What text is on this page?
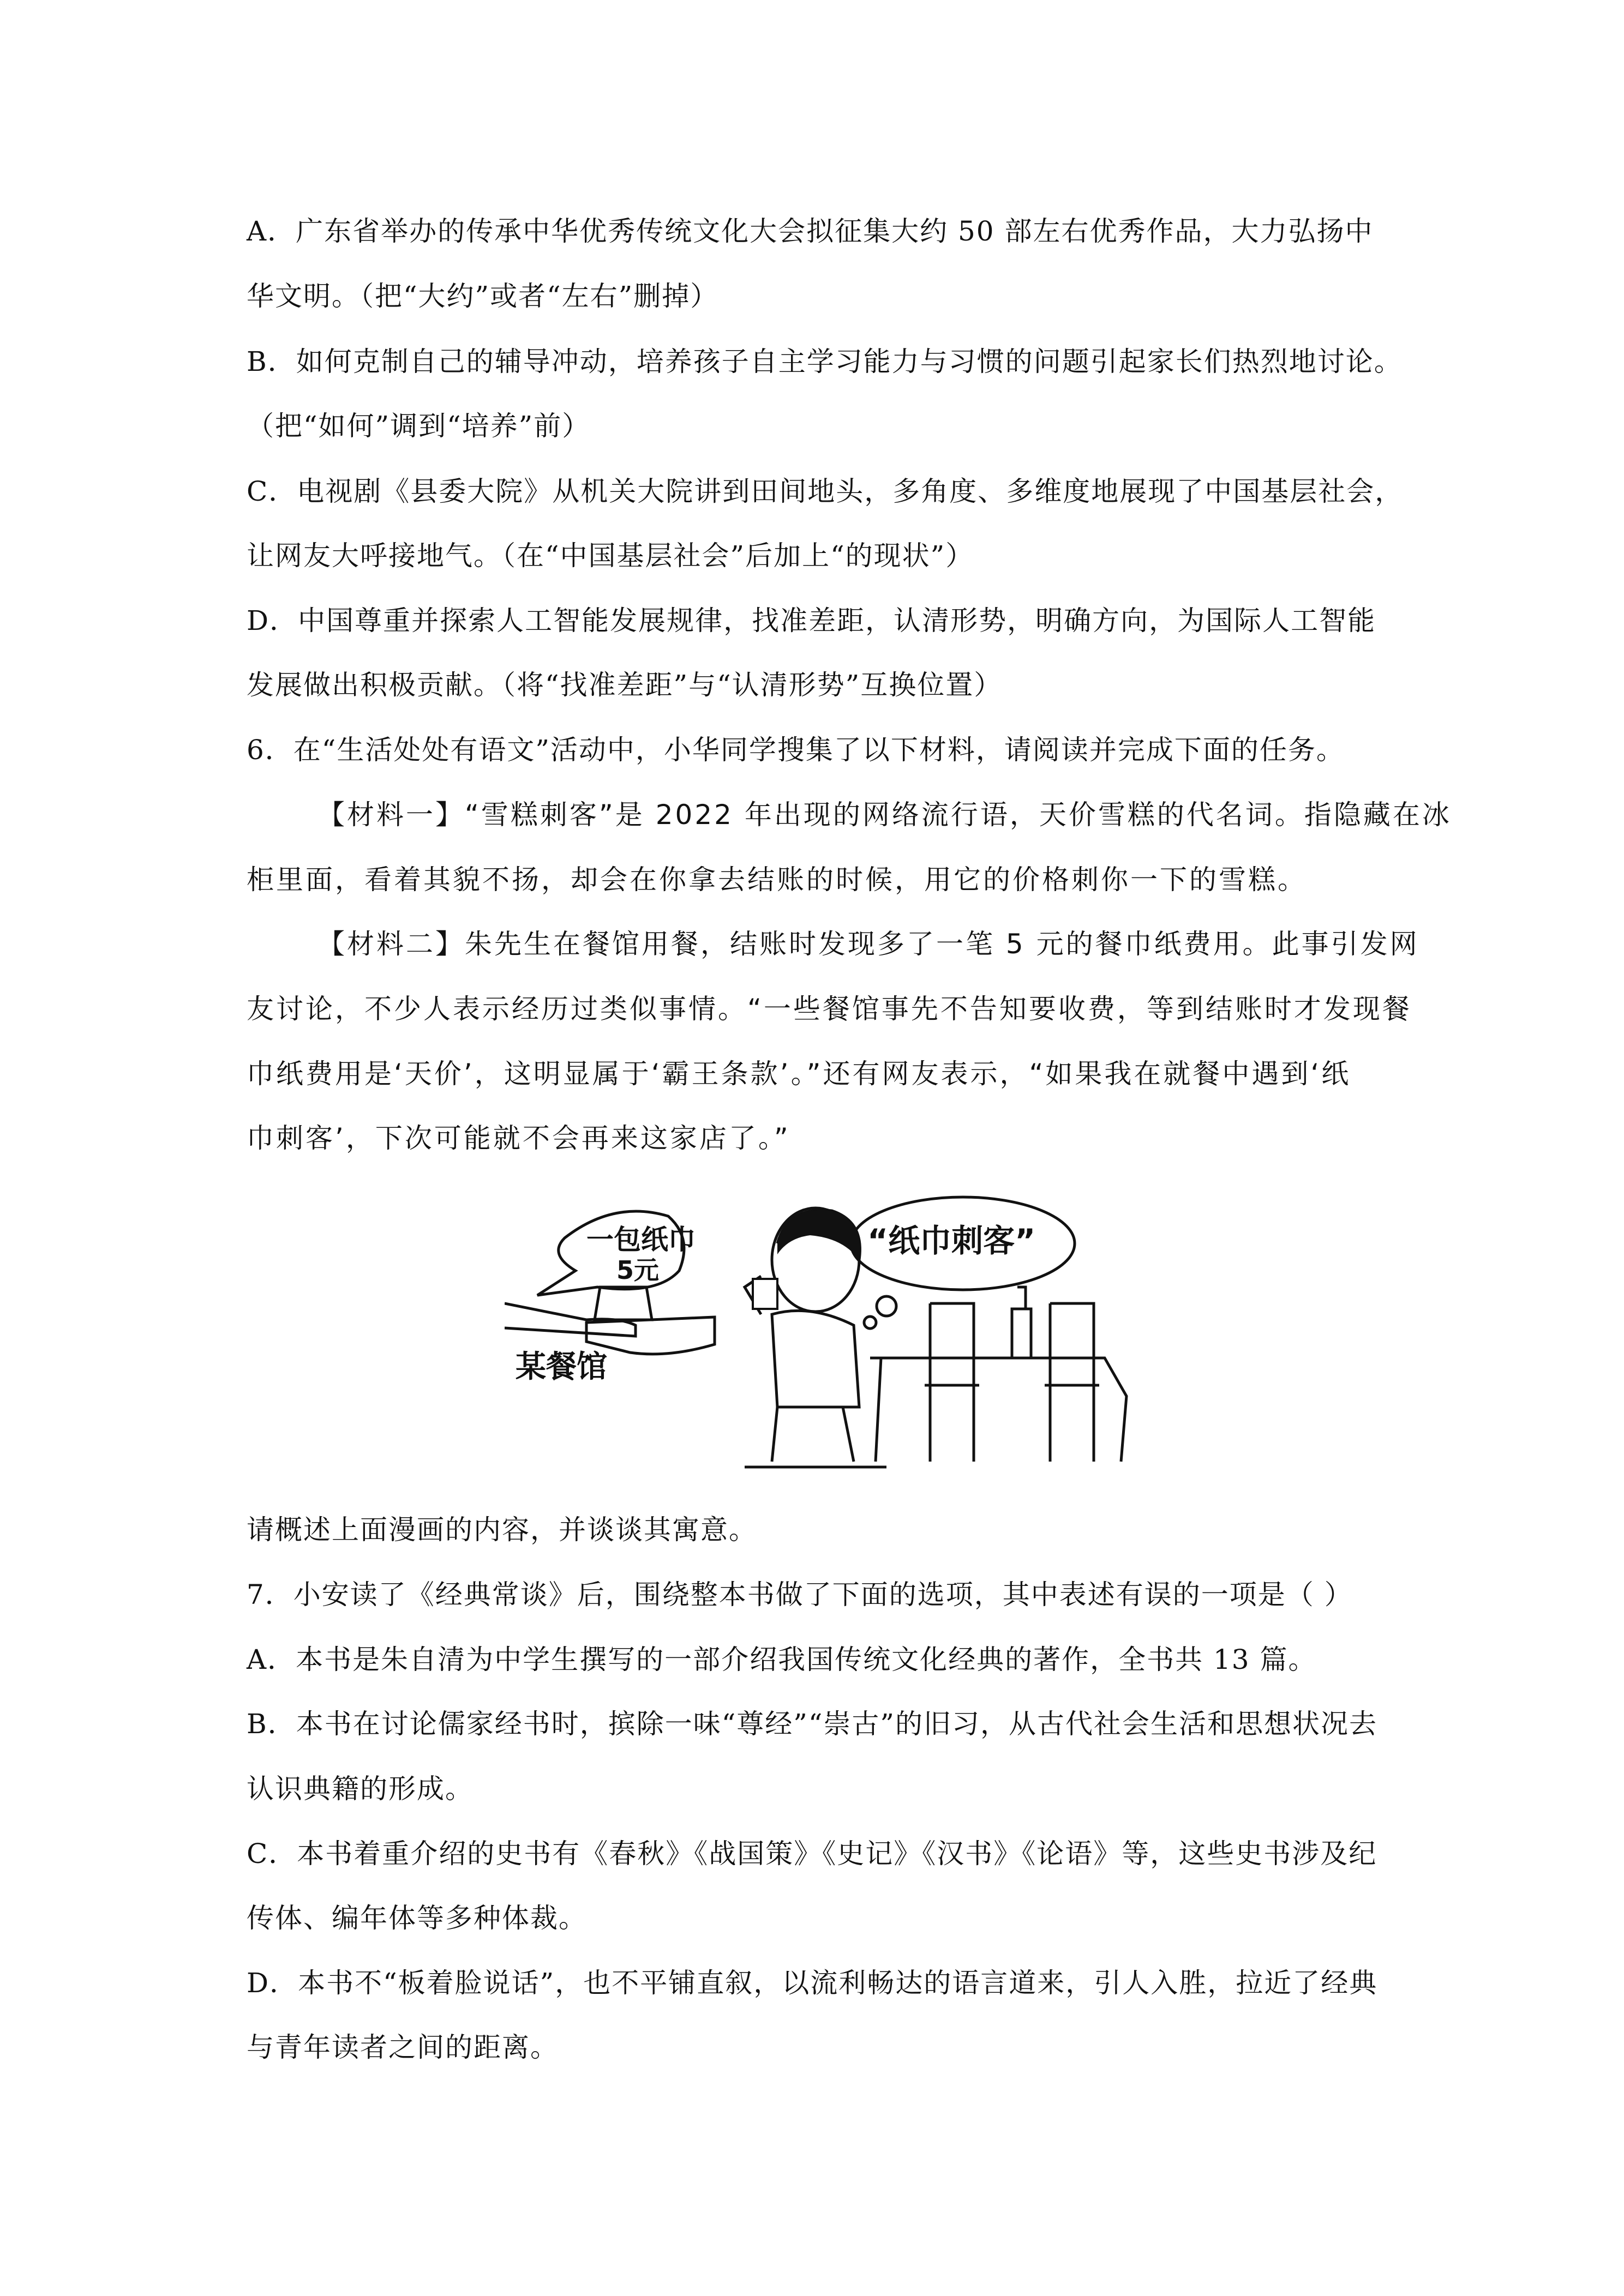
A．广东省举办的传承中华优秀传统文化大会拟征集大约 50 部左右优秀作品，大力弘扬中
华文明。（把“大约”或者“左右”删掉）
B．如何克制自己的辅导冲动，培养孩子自主学习能力与习惯的问题引起家长们热烈地讨论。
（把“如何”调到“培养”前）
C．电视剧《县委大院》从机关大院讲到田间地头，多角度、多维度地展现了中国基层社会，
让网友大呼接地气。（在“中国基层社会”后加上“的现状”）
D．中国尊重并探索人工智能发展规律，找准差距，认清形势，明确方向，为国际人工智能
发展做出积极贡献。（将“找准差距”与“认清形势”互换位置）
6．在“生活处处有语文”活动中，小华同学搜集了以下材料，请阅读并完成下面的任务。
【材料一】“雪糕刺客”是 2022 年出现的网络流行语，天价雪糕的代名词。指隐藏在冰
柜里面，看着其貌不扬，却会在你拿去结账的时候，用它的价格刺你一下的雪糕。
【材料二】朱先生在餐馆用餐，结账时发现多了一笔 5 元的餐巾纸费用。此事引发网
友讨论，不少人表示经历过类似事情。“一些餐馆事先不告知要收费，等到结账时才发现餐
巾纸费用是‘天价’，这明显属于‘霸王条款’。”还有网友表示，“如果我在就餐中遇到‘纸
巾刺客’，下次可能就不会再来这家店了。”
一包纸巾
5元
“纸巾刺客”
某餐馆
请概述上面漫画的内容，并谈谈其寓意。
7．小安读了《经典常谈》后，围绕整本书做了下面的选项，其中表述有误的一项是（ ）
A．本书是朱自清为中学生撰写的一部介绍我国传统文化经典的著作，全书共 13 篇。
B．本书在讨论儒家经书时，摈除一味“尊经”“崇古”的旧习，从古代社会生活和思想状况去
认识典籍的形成。
C．本书着重介绍的史书有《春秋》《战国策》《史记》《汉书》《论语》等，这些史书涉及纪
传体、编年体等多种体裁。
D．本书不“板着脸说话”，也不平铺直叙，以流利畅达的语言道来，引人入胜，拉近了经典
与青年读者之间的距离。
